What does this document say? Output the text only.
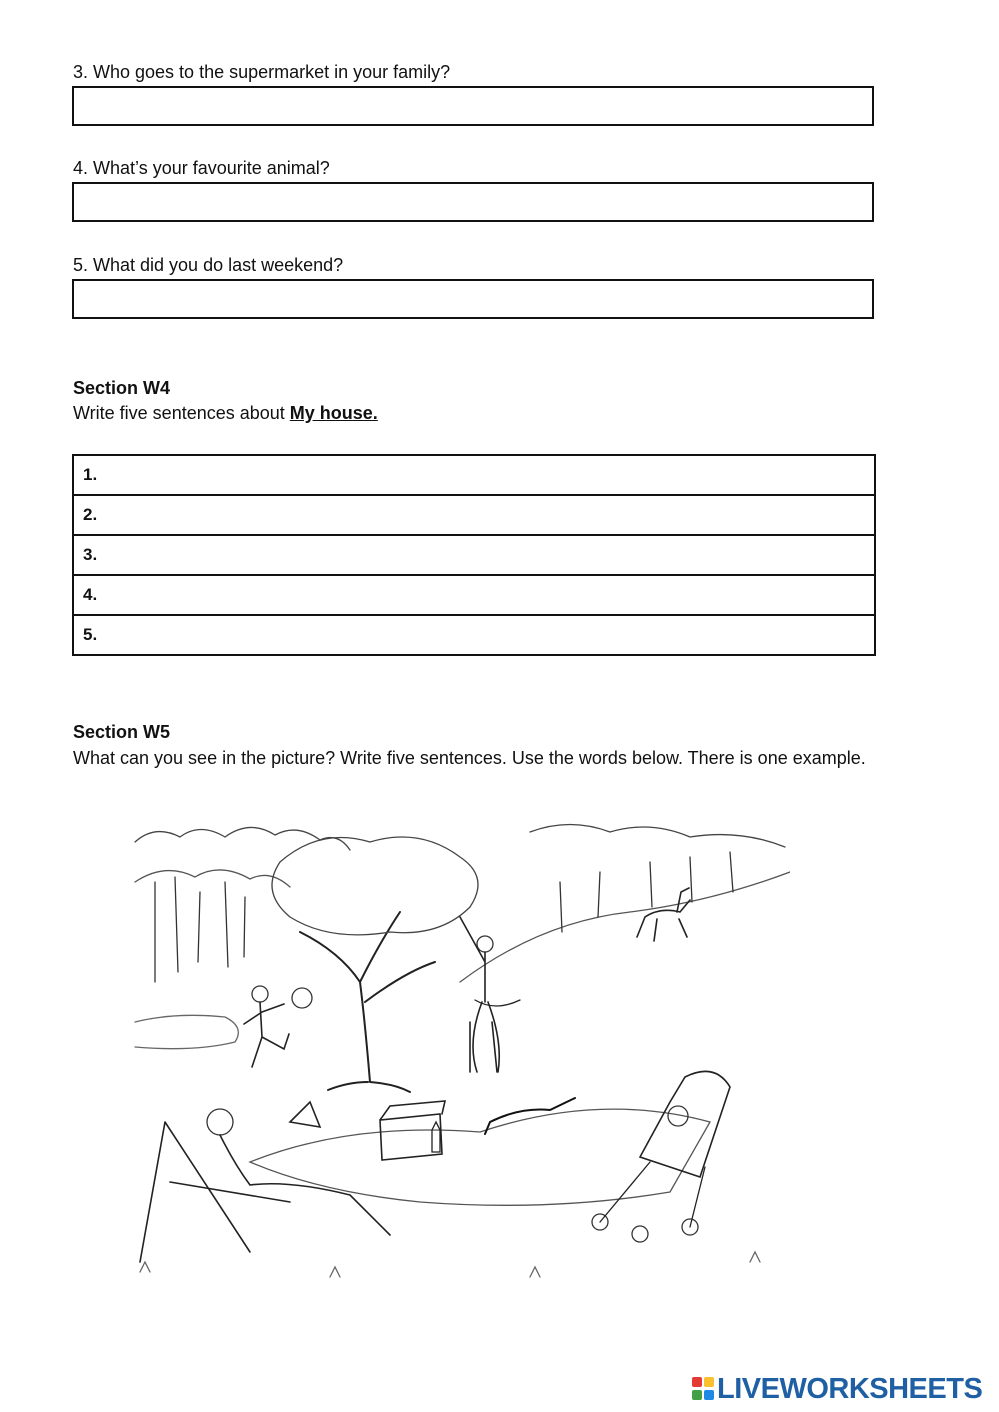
3. Who goes to the supermarket in your family?
4. What’s your favourite animal?
5. What did you do last weekend?
Section W4
Write five sentences about My house.
1.
2.
3.
4.
5.
Section W5
What can you see in the picture? Write five sentences. Use the words below. There is one example.
LIVEWORKSHEETS
